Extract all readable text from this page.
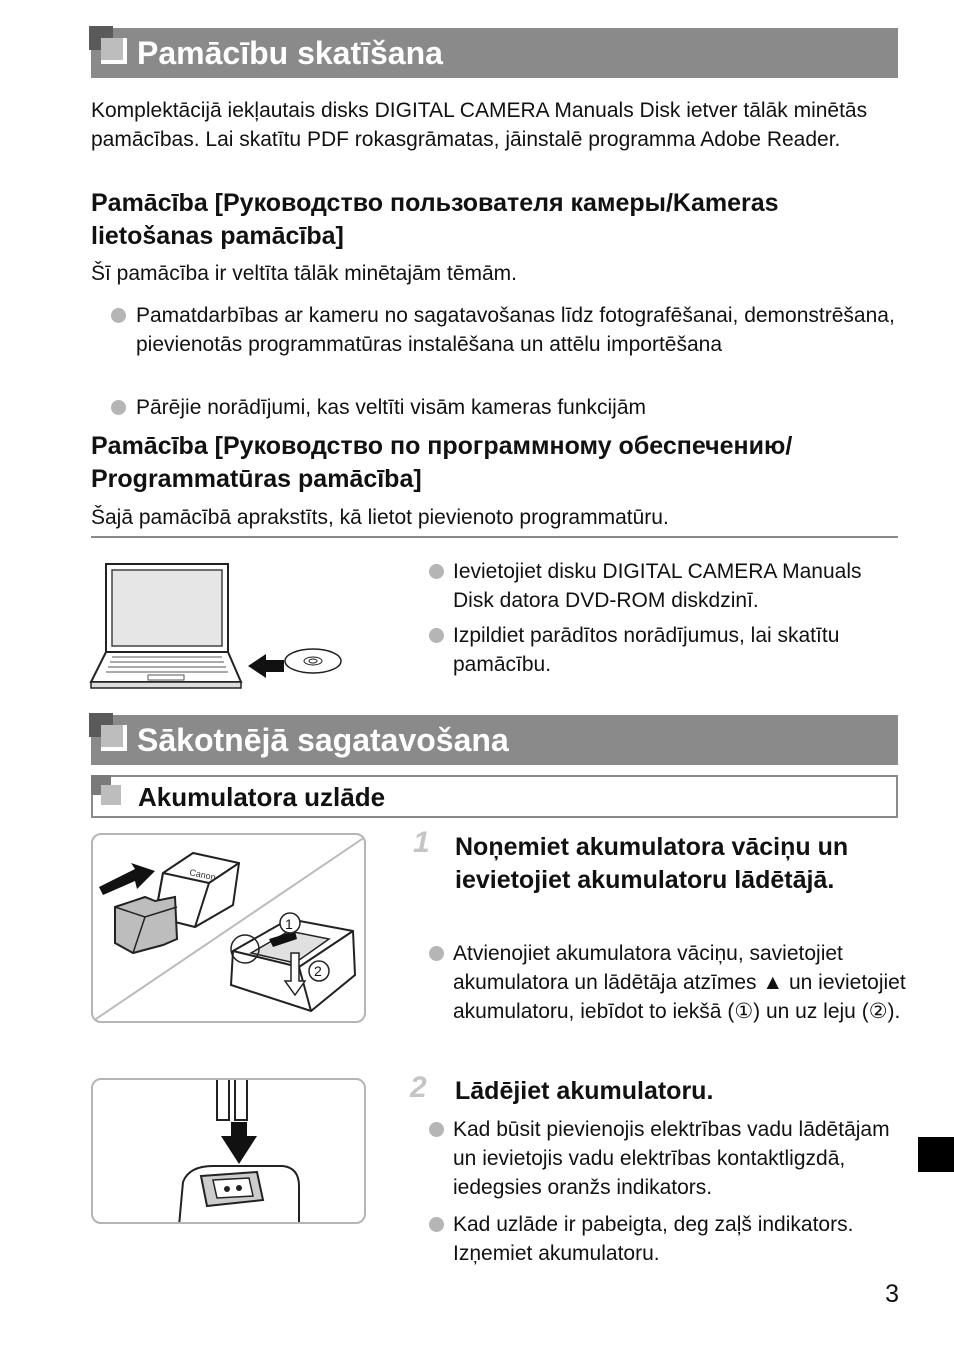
Pamācību skatīšana

Komplektācijā iekļautais disks DIGITAL CAMERA Manuals Disk ietver tālāk minētās pamācības. Lai skatītu PDF rokasgrāmatas, jāinstalē programma Adobe Reader.

Pamācība [Руководство пользователя камеры/Kameras lietošanas pamācība]

Šī pamācība ir veltīta tālāk minētajām tēmām.

Pamatdarbības ar kameru no sagatavošanas līdz fotografēšanai, demonstrēšana, pievienotās programmatūras instalēšana un attēlu importēšana
Pārējie norādījumi, kas veltīti visām kameras funkcijām

Pamācība [Руководство по программному обеспечению/ Programmatūras pamācība]

Šajā pamācībā aprakstīts, kā lietot pievienoto programmatūru.

Ievietojiet disku DIGITAL CAMERA Manuals Disk datora DVD-ROM diskdzinī.
Izpildiet parādītos norādījumus, lai skatītu pamācību.
Sākotnējā sagatavošana
Akumulatora uzlāde
Canon
1
2
1 Noņemiet akumulatora vāciņu un ievietojiet akumulatoru lādētājā.
Atvienojiet akumulatora vāciņu, savietojiet akumulatora un lādētāja atzīmes ▲ un ievietojiet akumulatoru, iebīdot to iekšā (①) un uz leju (②).
2 Lādējiet akumulatoru.
Kad būsit pievienojis elektrības vadu lādētājam un ievietojis vadu elektrības kontaktligzdā, iedegsies oranžs indikators.
Kad uzlāde ir pabeigta, deg zaļš indikators. Izņemiet akumulatoru.
3
